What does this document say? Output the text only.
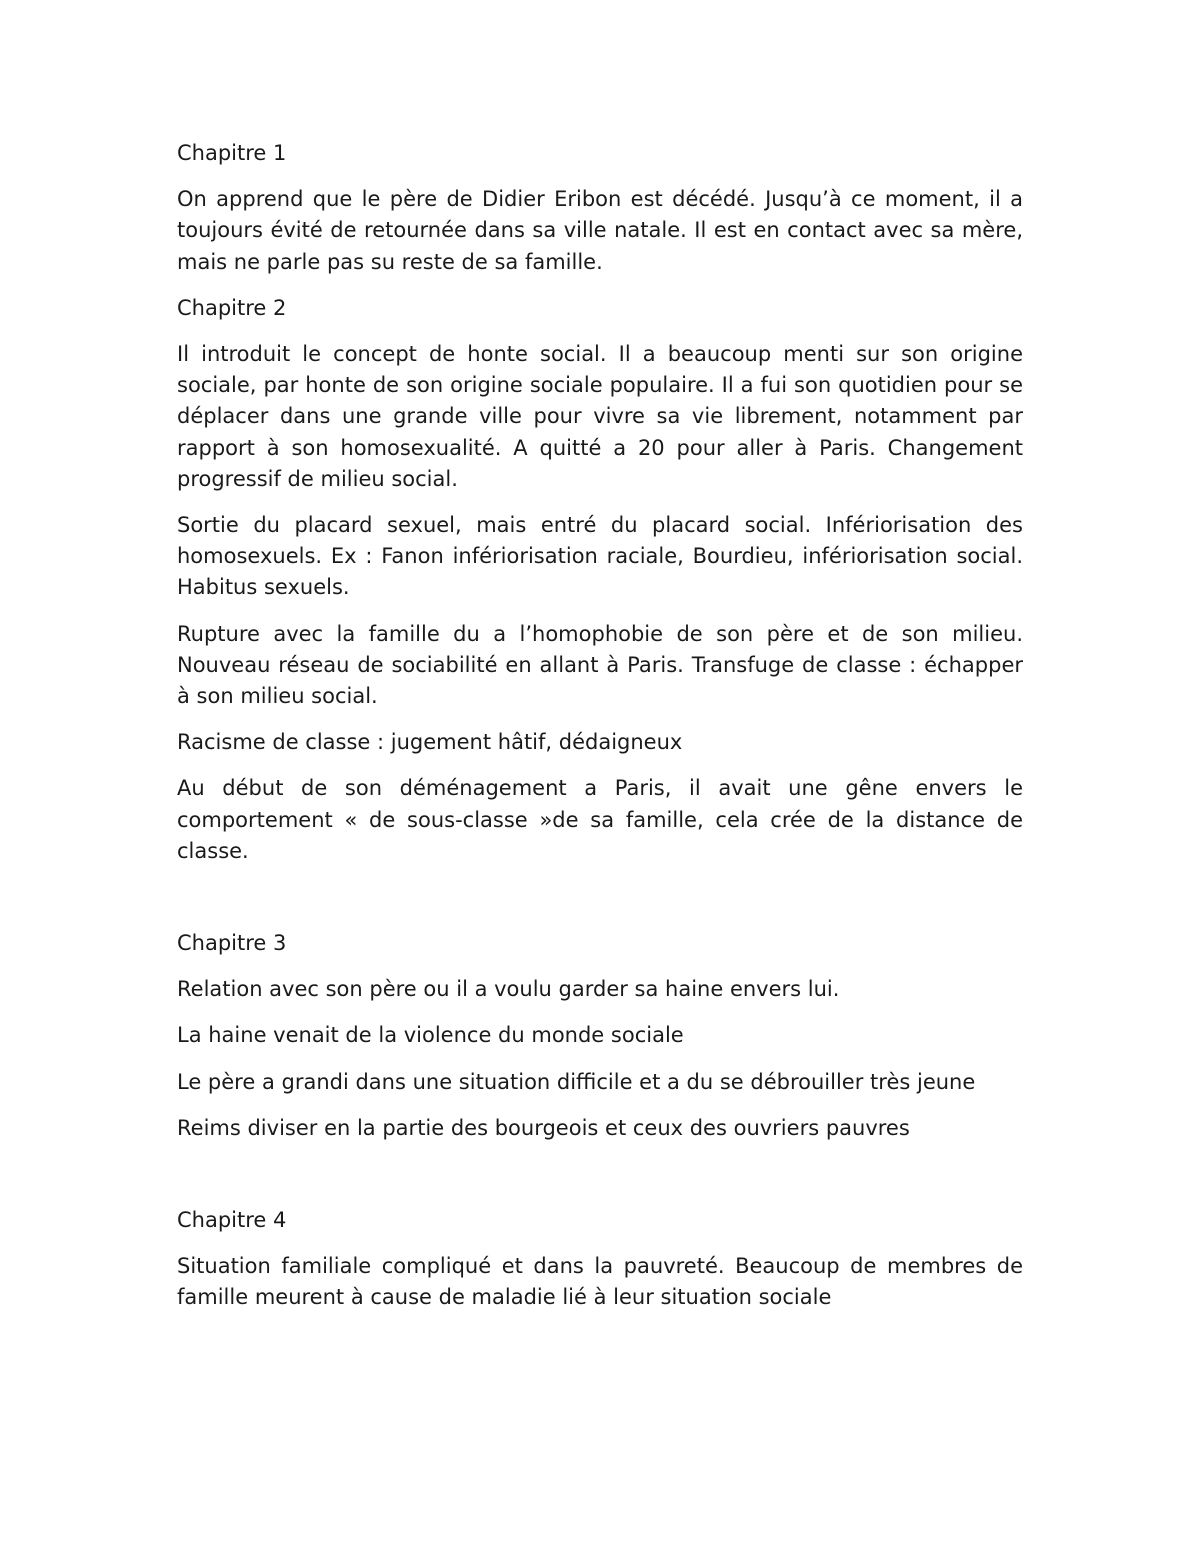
Chapitre 1

On apprend que le père de Didier Eribon est décédé. Jusqu’à ce moment, il a toujours évité de retournée dans sa ville natale. Il est en contact avec sa mère, mais ne parle pas su reste de sa famille.

Chapitre 2

Il introduit le concept de honte social. Il a beaucoup menti sur son origine sociale, par honte de son origine sociale populaire. Il a fui son quotidien pour se déplacer dans une grande ville pour vivre sa vie librement, notamment par rapport à son homosexualité. A quitté a 20 pour aller à Paris. Changement progressif de milieu social.

Sortie du placard sexuel, mais entré du placard social. Infériorisation des homosexuels. Ex : Fanon infériorisation raciale, Bourdieu, infériorisation social. Habitus sexuels.

Rupture avec la famille du a l’homophobie de son père et de son milieu. Nouveau réseau de sociabilité en allant à Paris. Transfuge de classe : échapper à son milieu social.

Racisme de classe : jugement hâtif, dédaigneux

Au début de son déménagement a Paris, il avait une gêne envers le comportement « de sous-classe »de sa famille, cela crée de la distance de classe.

Chapitre 3

Relation avec son père ou il a voulu garder sa haine envers lui.

La haine venait de la violence du monde sociale

Le père a grandi dans une situation difficile et a du se débrouiller très jeune

Reims diviser en la partie des bourgeois et ceux des ouvriers pauvres

Chapitre 4

Situation familiale compliqué et dans la pauvreté. Beaucoup de membres de famille meurent à cause de maladie lié à leur situation sociale
